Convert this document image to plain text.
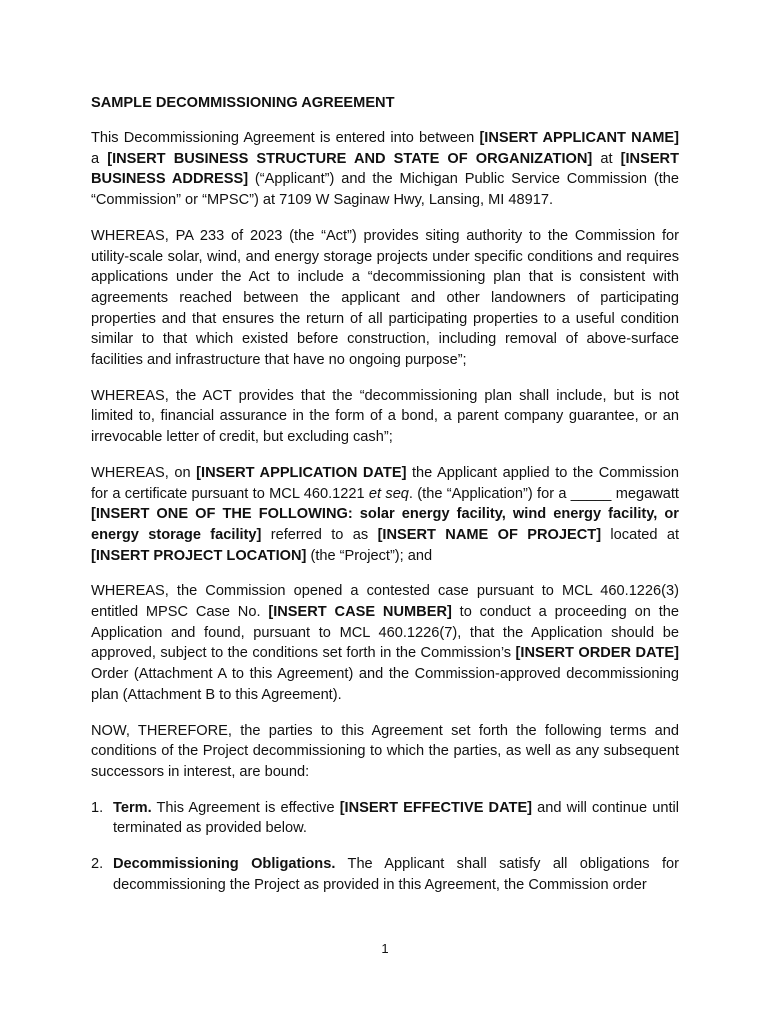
SAMPLE DECOMMISSIONING AGREEMENT

This Decommissioning Agreement is entered into between [INSERT APPLICANT NAME] a [INSERT BUSINESS STRUCTURE AND STATE OF ORGANIZATION] at [INSERT BUSINESS ADDRESS] (“Applicant”) and the Michigan Public Service Commission (the “Commission” or “MPSC”) at 7109 W Saginaw Hwy, Lansing, MI 48917.

WHEREAS, PA 233 of 2023 (the “Act”) provides siting authority to the Commission for utility-scale solar, wind, and energy storage projects under specific conditions and requires applications under the Act to include a “decommissioning plan that is consistent with agreements reached between the applicant and other landowners of participating properties and that ensures the return of all participating properties to a useful condition similar to that which existed before construction, including removal of above-surface facilities and infrastructure that have no ongoing purpose”;

WHEREAS, the ACT provides that the “decommissioning plan shall include, but is not limited to, financial assurance in the form of a bond, a parent company guarantee, or an irrevocable letter of credit, but excluding cash”;

WHEREAS, on [INSERT APPLICATION DATE] the Applicant applied to the Commission for a certificate pursuant to MCL 460.1221 et seq. (the “Application”) for a _____ megawatt [INSERT ONE OF THE FOLLOWING: solar energy facility, wind energy facility, or energy storage facility] referred to as [INSERT NAME OF PROJECT] located at [INSERT PROJECT LOCATION] (the “Project”); and

WHEREAS, the Commission opened a contested case pursuant to MCL 460.1226(3) entitled MPSC Case No. [INSERT CASE NUMBER] to conduct a proceeding on the Application and found, pursuant to MCL 460.1226(7), that the Application should be approved, subject to the conditions set forth in the Commission’s [INSERT ORDER DATE] Order (Attachment A to this Agreement) and the Commission-approved decommissioning plan (Attachment B to this Agreement).

NOW, THEREFORE, the parties to this Agreement set forth the following terms and conditions of the Project decommissioning to which the parties, as well as any subsequent successors in interest, are bound:

1. Term. This Agreement is effective [INSERT EFFECTIVE DATE] and will continue until terminated as provided below.
2. Decommissioning Obligations. The Applicant shall satisfy all obligations for decommissioning the Project as provided in this Agreement, the Commission order
1
